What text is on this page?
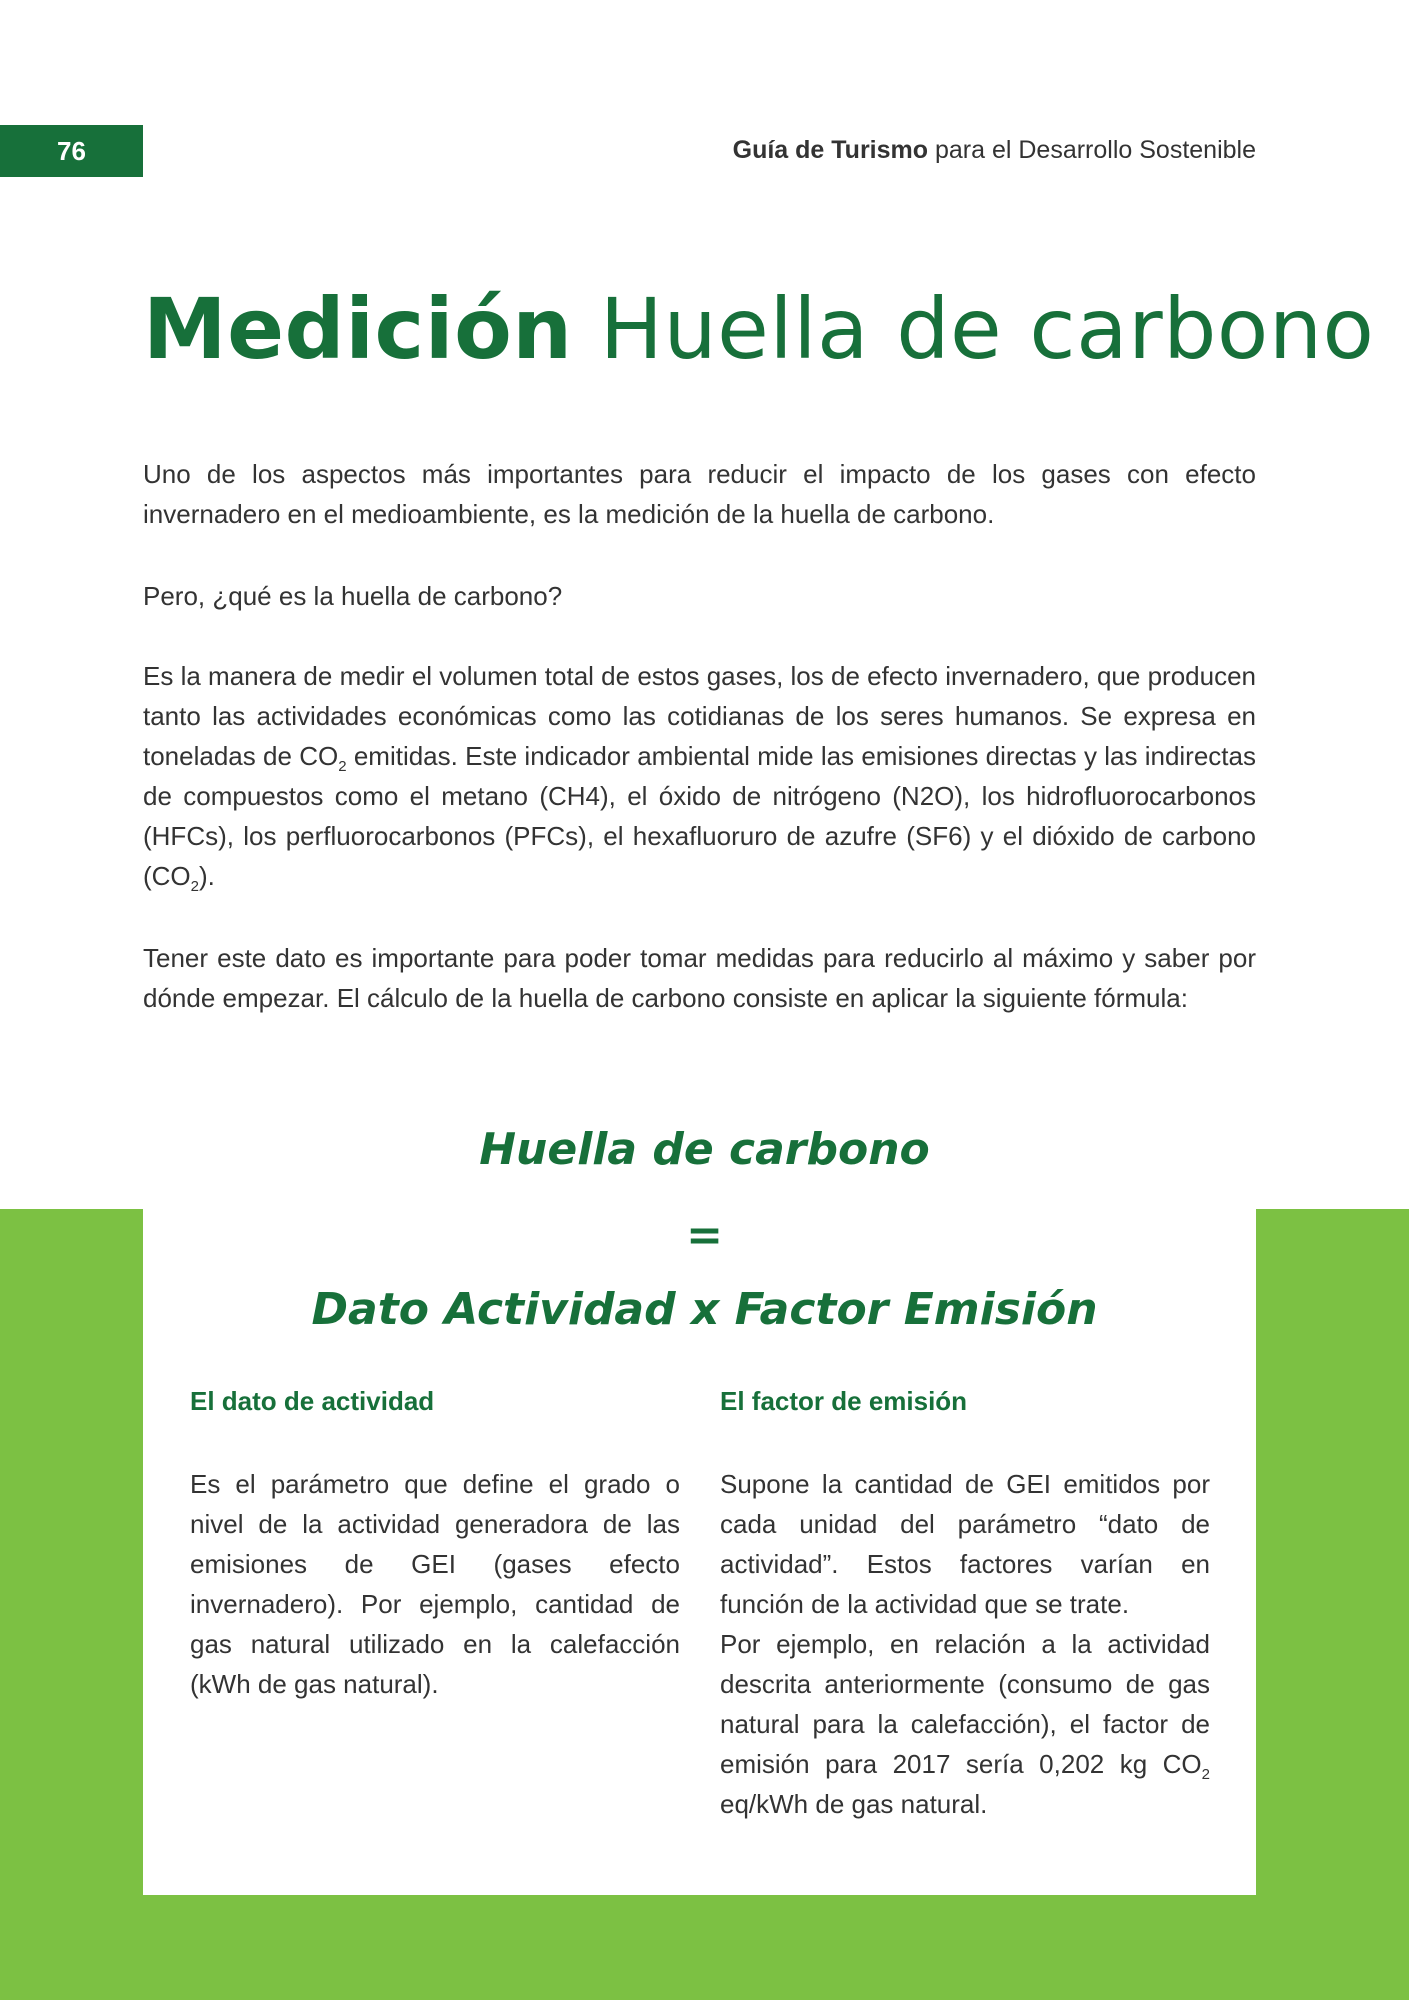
76	Guía de Turismo para el Desarrollo Sostenible
Medición Huella de carbono

Uno de los aspectos más importantes para reducir el impacto de los gases con efecto invernadero en el medioambiente, es la medición de la huella de carbono.

Pero, ¿qué es la huella de carbono?

Es la manera de medir el volumen total de estos gases, los de efecto invernadero, que producen tanto las actividades económicas como las cotidianas de los seres humanos. Se expresa en toneladas de $CO_2$ emitidas. Este indicador ambiental mide las emisiones directas y las indirectas de compuestos como el metano (CH4), el óxido de nitrógeno (N2O), los hidrofluorocarbonos (HFCs), los perfluorocarbonos (PFCs), el hexafluoruro de azufre (SF6) y el dióxido de carbono $(CO_2)$.

Tener este dato es importante para poder tomar medidas para reducirlo al máximo y saber por dónde empezar. El cálculo de la huella de carbono consiste en aplicar la siguiente fórmula:

Huella de carbono
=
Dato Actividad x Factor Emisión
El dato de actividad	El factor de emisión

Es el parámetro que define el grado o nivel de la actividad generadora de las emisiones de GEI (gases efecto invernadero). Por ejemplo, cantidad de gas natural utilizado en la calefacción (kWh de gas natural).

Supone la cantidad de GEI emitidos por cada unidad del parámetro “dato de actividad”. Estos factores varían en función de la actividad que se trate.

Por ejemplo, en relación a la actividad descrita anteriormente (consumo de gas natural para la calefacción), el factor de emisión para 2017 sería 0,202 kg $CO_2$ eq/kWh de gas natural.
